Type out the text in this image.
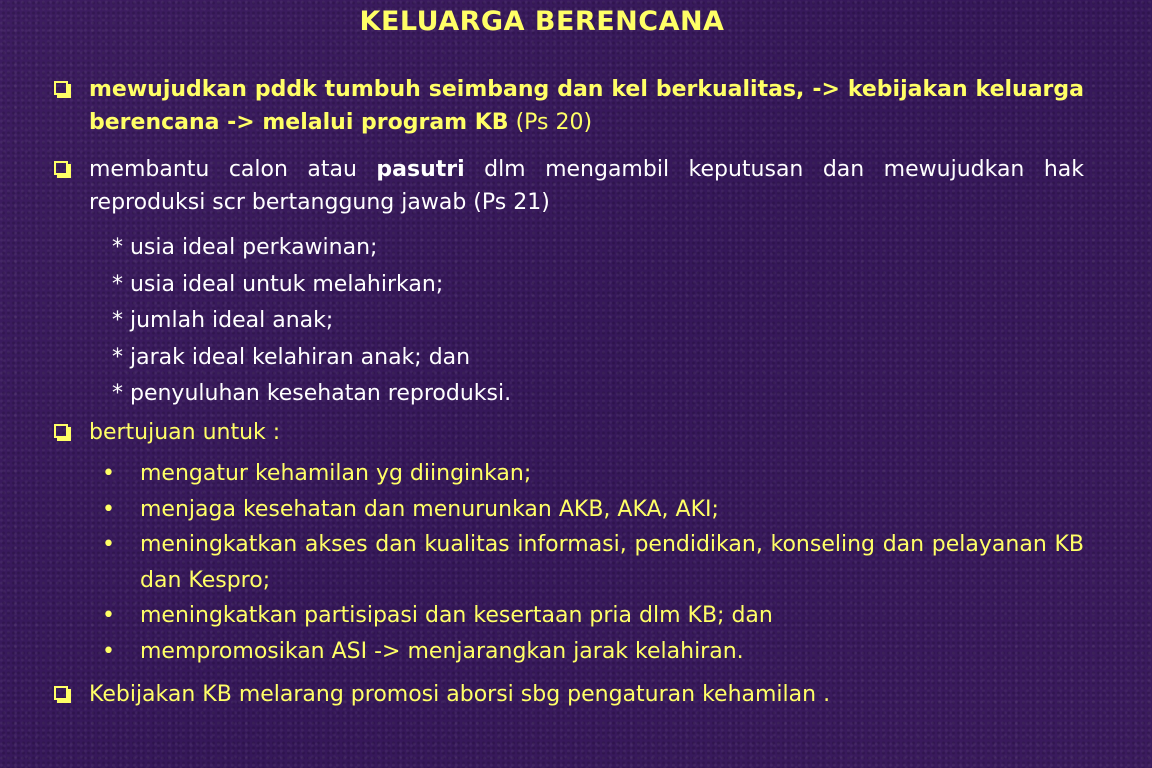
KELUARGA BERENCANA
mewujudkan pddk tumbuh seimbang dan kel berkualitas, -> kebijakan keluarga berencana -> melalui program KB (Ps 20)
membantu calon atau pasutri dlm mengambil keputusan dan mewujudkan hak reproduksi scr bertanggung jawab (Ps 21)
* usia ideal perkawinan;
* usia ideal untuk melahirkan;
* jumlah ideal anak;
* jarak ideal kelahiran anak; dan
* penyuluhan kesehatan reproduksi.
bertujuan untuk :
• mengatur kehamilan yg diinginkan;
• menjaga kesehatan dan menurunkan AKB, AKA, AKI;
• meningkatkan akses dan kualitas informasi, pendidikan, konseling dan pelayanan KB dan Kespro;
• meningkatkan partisipasi dan kesertaan pria dlm KB; dan
• mempromosikan ASI -> menjarangkan jarak kelahiran.
Kebijakan KB melarang promosi aborsi sbg pengaturan kehamilan .
